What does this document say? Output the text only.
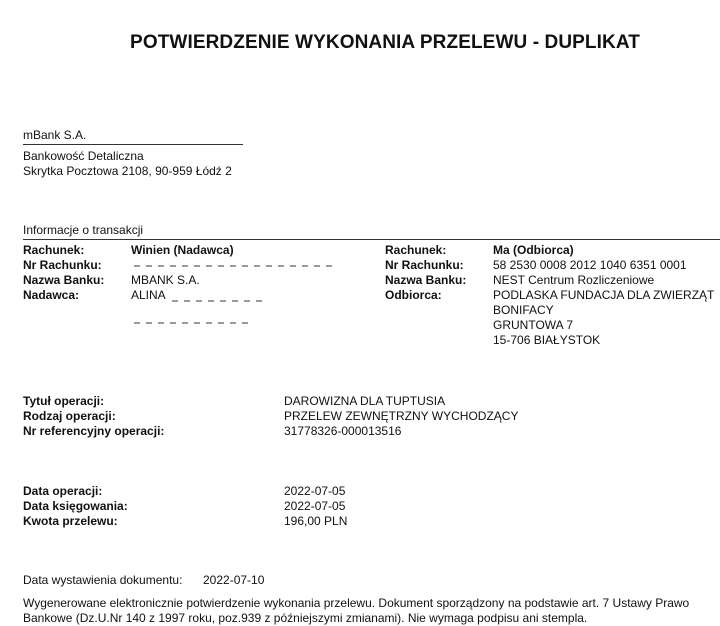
POTWIERDZENIE WYKONANIA PRZELEWU - DUPLIKAT
mBank S.A.
Bankowość Detaliczna
Skrytka Pocztowa 2108, 90-959 Łódź 2
Informacje o transakcji
Rachunek:	Winien (Nadawca)
Nr Rachunku:
Nazwa Banku: MBANK S.A.
Nadawca:	ALINA
Rachunek:	Ma (Odbiorca)
Nr Rachunku: 58 2530 0008 2012 1040 6351 0001
Nazwa Banku: NEST Centrum Rozliczeniowe
Odbiorca:	PODLASKA FUNDACJA DLA ZWIERZĄT
BONIFACY
GRUNTOWA 7
15-706 BIAŁYSTOK
Tytuł operacji:	DAROWIZNA DLA TUPTUSIA
Rodzaj operacji:	PRZELEW ZEWNĘTRZNY WYCHODZĄCY
Nr referencyjny operacji:	31778326-000013516
Data operacji:	2022-07-05
Data księgowania:	2022-07-05
Kwota przelewu:	196,00 PLN
Data wystawienia dokumentu: 2022-07-10
Wygenerowane elektronicznie potwierdzenie wykonania przelewu. Dokument sporządzony na podstawie art. 7 Ustawy Prawo
Bankowe (Dz.U.Nr 140 z 1997 roku, poz.939 z późniejszymi zmianami). Nie wymaga podpisu ani stempla.
